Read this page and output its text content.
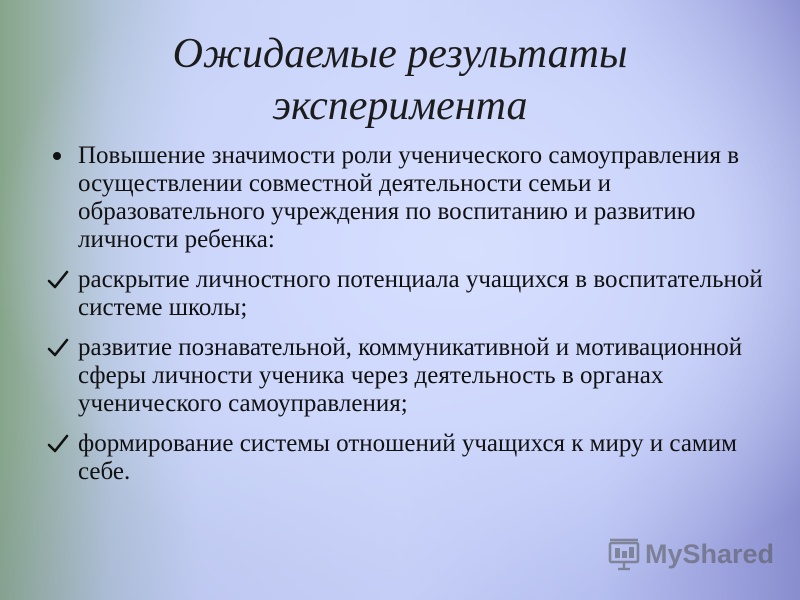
Ожидаемые результаты
эксперимента
Повышение значимости роли ученического самоуправления в осуществлении совместной деятельности семьи и образовательного учреждения по воспитанию и развитию личности ребенка:
раскрытие личностного потенциала учащихся в воспитательной системе школы;
развитие познавательной, коммуникативной и мотивационной сферы личности ученика через деятельность в органах ученического самоуправления;
формирование системы отношений учащихся к миру и самим себе.
MyShared
